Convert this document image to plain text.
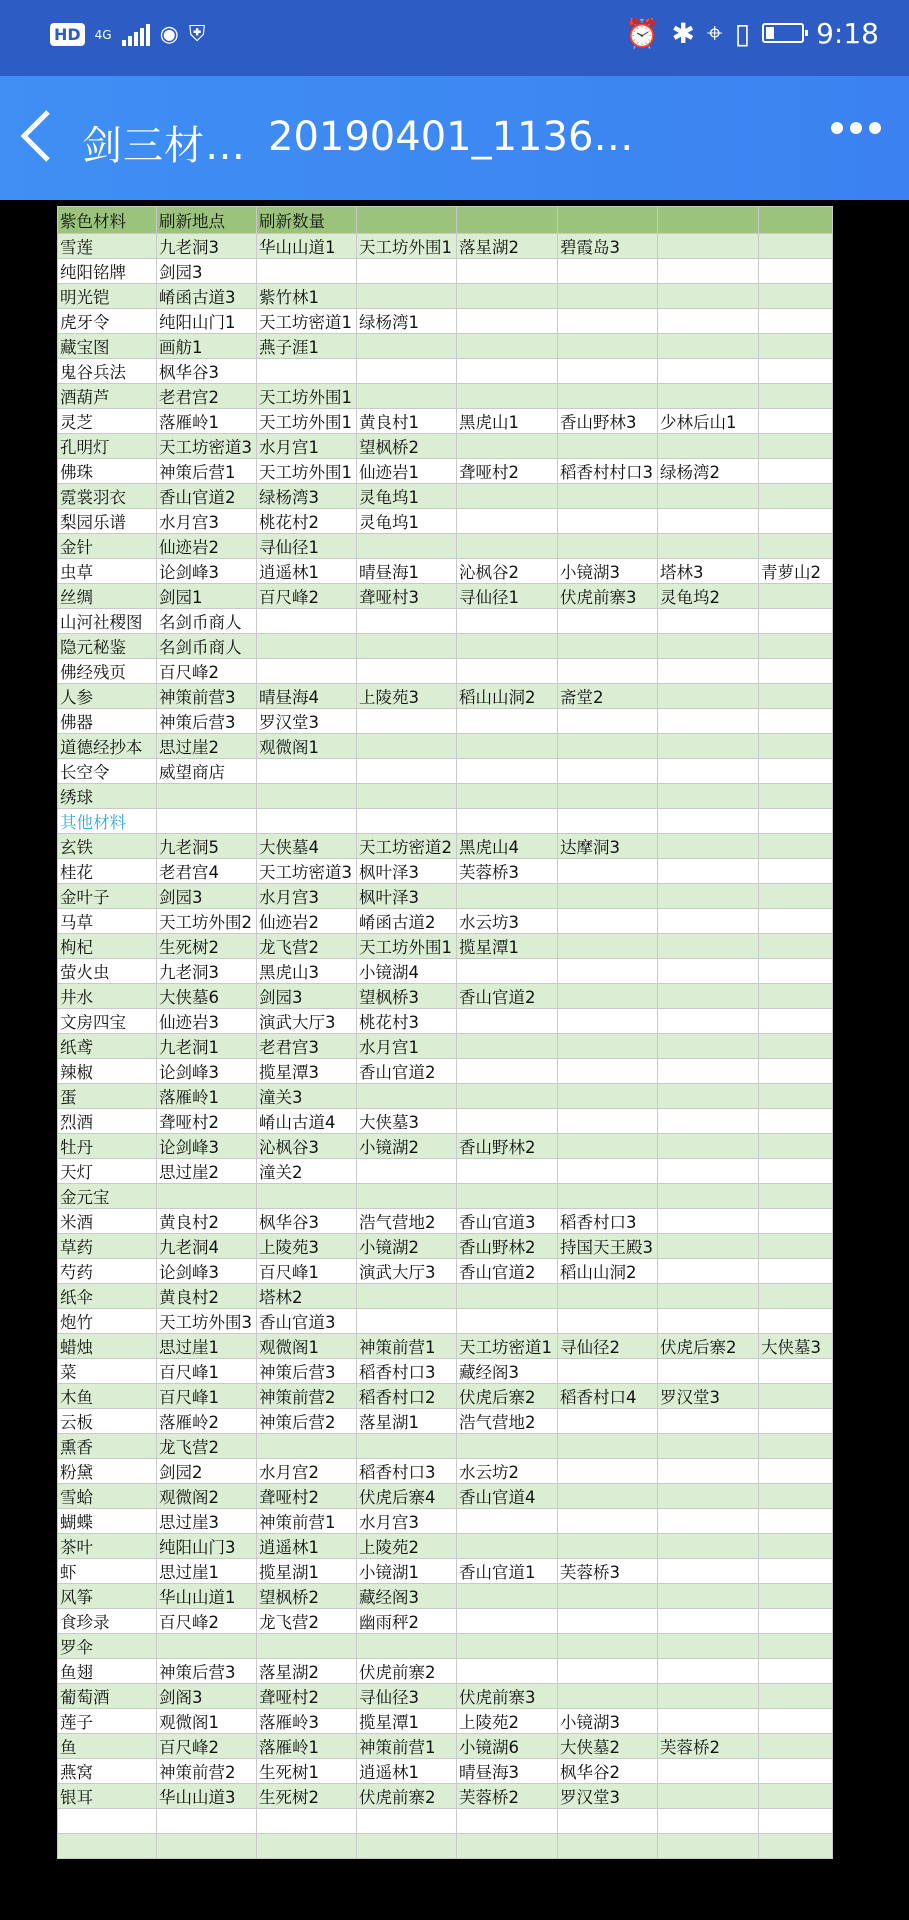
HD	4G ◉ ⛨	⏰ ✱ ⌖ ▯ 9:18
剑三材… 20190401_1136…
紫色材料	刷新地点	刷新数量					
雪莲	九老洞3	华山山道1	天工坊外围1	落星湖2	碧霞岛3		
纯阳铭牌	剑园3						
明光铠	崤函古道3	紫竹林1					
虎牙令	纯阳山门1	天工坊密道1	绿杨湾1				
藏宝图	画舫1	燕子涯1					
鬼谷兵法	枫华谷3						
酒葫芦	老君宫2	天工坊外围1					
灵芝	落雁岭1	天工坊外围1	黄良村1	黑虎山1	香山野林3	少林后山1	
孔明灯	天工坊密道3	水月宫1	望枫桥2				
佛珠	神策后营1	天工坊外围1	仙迹岩1	聋哑村2	稻香村村口3	绿杨湾2	
霓裳羽衣	香山官道2	绿杨湾3	灵龟坞1				
梨园乐谱	水月宫3	桃花村2	灵龟坞1				
金针	仙迹岩2	寻仙径1					
虫草	论剑峰3	逍遥林1	晴昼海1	沁枫谷2	小镜湖3	塔林3	青萝山2
丝绸	剑园1	百尺峰2	聋哑村3	寻仙径1	伏虎前寨3	灵龟坞2	
山河社稷图	名剑币商人						
隐元秘鉴	名剑币商人						
佛经残页	百尺峰2						
人参	神策前营3	晴昼海4	上陵苑3	稻山山洞2	斋堂2		
佛器	神策后营3	罗汉堂3					
道德经抄本	思过崖2	观微阁1					
长空令	威望商店						
绣球							
其他材料							
玄铁	九老洞5	大侠墓4	天工坊密道2	黑虎山4	达摩洞3		
桂花	老君宫4	天工坊密道3	枫叶泽3	芙蓉桥3			
金叶子	剑园3	水月宫3	枫叶泽3				
马草	天工坊外围2	仙迹岩2	崤函古道2	水云坊3			
枸杞	生死树2	龙飞营2	天工坊外围1	揽星潭1			
萤火虫	九老洞3	黑虎山3	小镜湖4				
井水	大侠墓6	剑园3	望枫桥3	香山官道2			
文房四宝	仙迹岩3	演武大厅3	桃花村3				
纸鸢	九老洞1	老君宫3	水月宫1				
辣椒	论剑峰3	揽星潭3	香山官道2				
蛋	落雁岭1	潼关3					
烈酒	聋哑村2	崤山古道4	大侠墓3				
牡丹	论剑峰3	沁枫谷3	小镜湖2	香山野林2			
天灯	思过崖2	潼关2					
金元宝							
米酒	黄良村2	枫华谷3	浩气营地2	香山官道3	稻香村口3		
草药	九老洞4	上陵苑3	小镜湖2	香山野林2	持国天王殿3		
芍药	论剑峰3	百尺峰1	演武大厅3	香山官道2	稻山山洞2		
纸伞	黄良村2	塔林2					
炮竹	天工坊外围3	香山官道3					
蜡烛	思过崖1	观微阁1	神策前营1	天工坊密道1	寻仙径2	伏虎后寨2	大侠墓3
菜	百尺峰1	神策后营3	稻香村口3	藏经阁3			
木鱼	百尺峰1	神策前营2	稻香村口2	伏虎后寨2	稻香村口4	罗汉堂3	
云板	落雁岭2	神策后营2	落星湖1	浩气营地2			
熏香	龙飞营2						
粉黛	剑园2	水月宫2	稻香村口3	水云坊2			
雪蛤	观微阁2	聋哑村2	伏虎后寨4	香山官道4			
蝴蝶	思过崖3	神策前营1	水月宫3				
茶叶	纯阳山门3	逍遥林1	上陵苑2				
虾	思过崖1	揽星湖1	小镜湖1	香山官道1	芙蓉桥3		
风筝	华山山道1	望枫桥2	藏经阁3				
食珍录	百尺峰2	龙飞营2	幽雨秤2				
罗伞							
鱼翅	神策后营3	落星湖2	伏虎前寨2				
葡萄酒	剑阁3	聋哑村2	寻仙径3	伏虎前寨3			
莲子	观微阁1	落雁岭3	揽星潭1	上陵苑2	小镜湖3		
鱼	百尺峰2	落雁岭1	神策前营1	小镜湖6	大侠墓2	芙蓉桥2	
燕窝	神策前营2	生死树1	逍遥林1	晴昼海3	枫华谷2		
银耳	华山山道3	生死树2	伏虎前寨2	芙蓉桥2	罗汉堂3		
